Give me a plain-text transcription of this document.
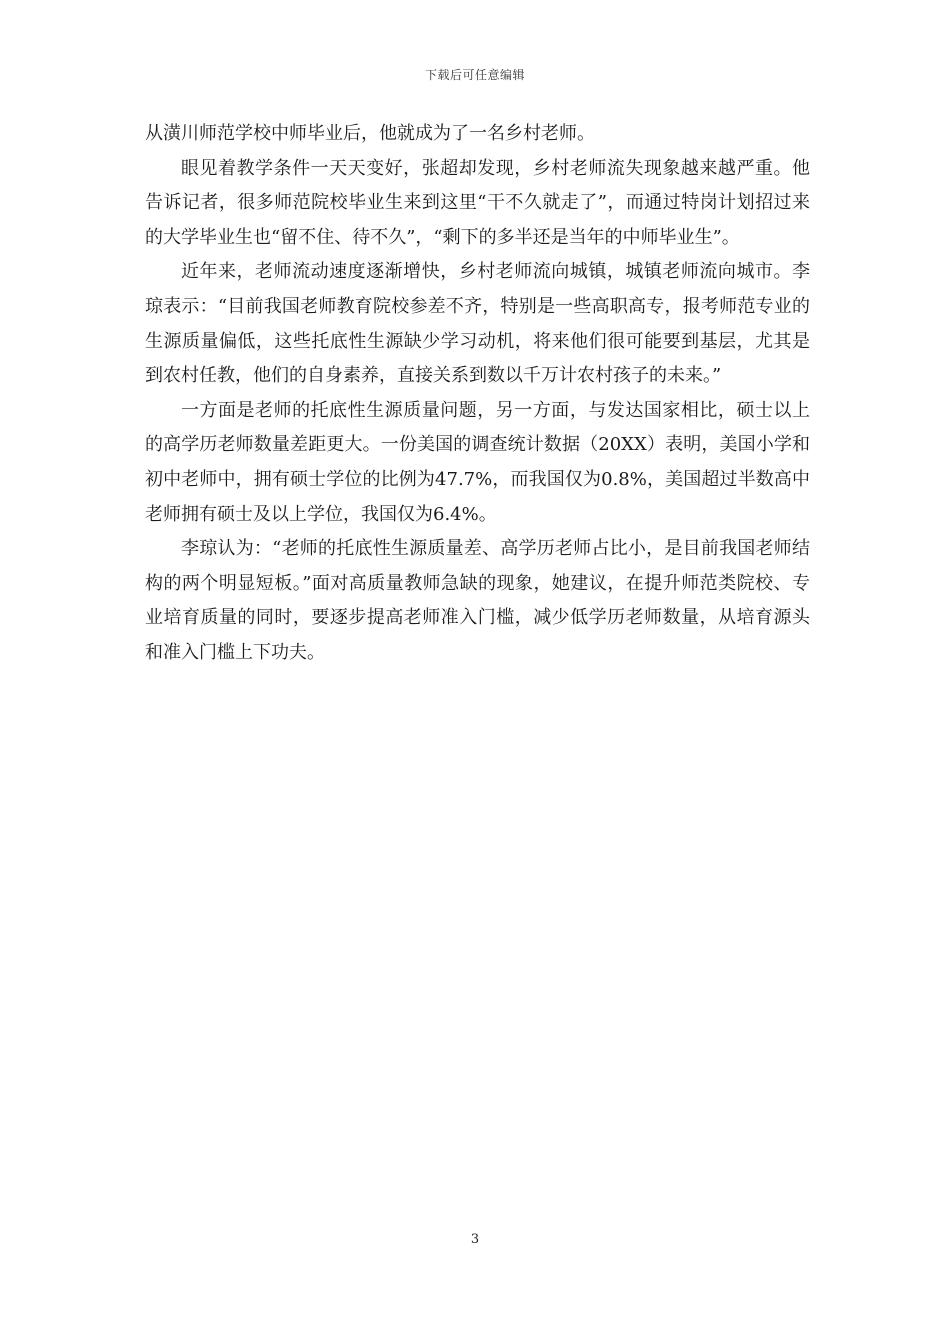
下载后可任意编辑

从潢川师范学校中师毕业后，他就成为了一名乡村老师。

眼见着教学条件一天天变好，张超却发现，乡村老师流失现象越来越严重。他告诉记者，很多师范院校毕业生来到这里“干不久就走了”，而通过特岗计划招过来的大学毕业生也“留不住、待不久”，“剩下的多半还是当年的中师毕业生”。

近年来，老师流动速度逐渐增快，乡村老师流向城镇，城镇老师流向城市。李琼表示：“目前我国老师教育院校参差不齐，特别是一些高职高专，报考师范专业的生源质量偏低，这些托底性生源缺少学习动机，将来他们很可能要到基层，尤其是到农村任教，他们的自身素养，直接关系到数以千万计农村孩子的未来。”

一方面是老师的托底性生源质量问题，另一方面，与发达国家相比，硕士以上的高学历老师数量差距更大。一份美国的调查统计数据（20XX）表明，美国小学和初中老师中，拥有硕士学位的比例为47.7%，而我国仅为0.8%，美国超过半数高中老师拥有硕士及以上学位，我国仅为6.4%。

李琼认为：“老师的托底性生源质量差、高学历老师占比小，是目前我国老师结构的两个明显短板。”面对高质量教师急缺的现象，她建议，在提升师范类院校、专业培育质量的同时，要逐步提高老师准入门槛，减少低学历老师数量，从培育源头和准入门槛上下功夫。

3
